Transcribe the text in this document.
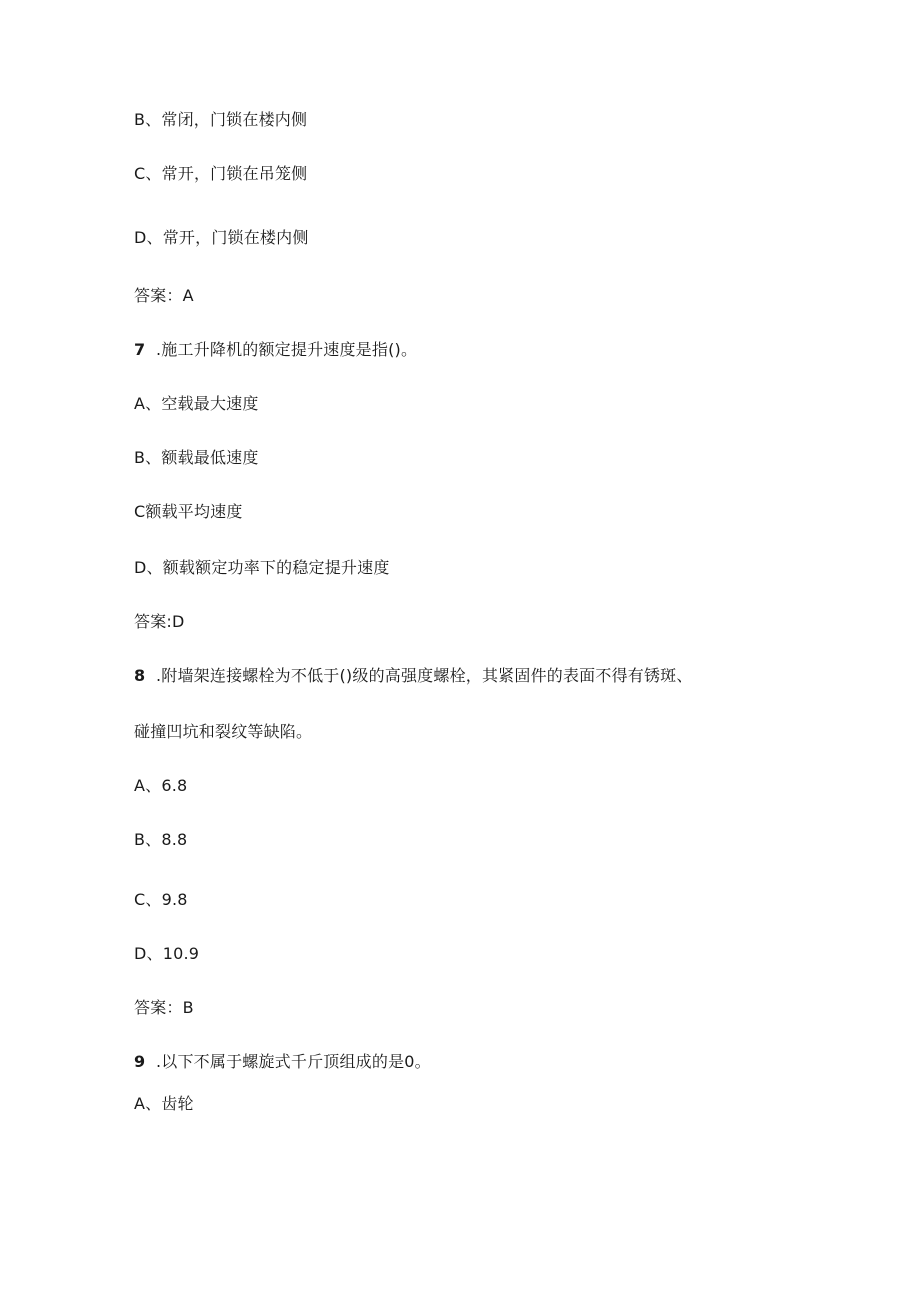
B、常闭，门锁在楼内侧
C、常开，门锁在吊笼侧
D、常开，门锁在楼内侧
答案：A
7 .施工升降机的额定提升速度是指()。
A、空载最大速度
B、额载最低速度
C额载平均速度
D、额载额定功率下的稳定提升速度
答案:D
8 .附墙架连接螺栓为不低于()级的高强度螺栓，其紧固件的表面不得有锈斑、
碰撞凹坑和裂纹等缺陷。
A、6.8
B、8.8
C、9.8
D、10.9
答案：B
9 .以下不属于螺旋式千斤顶组成的是0。
A、齿轮
